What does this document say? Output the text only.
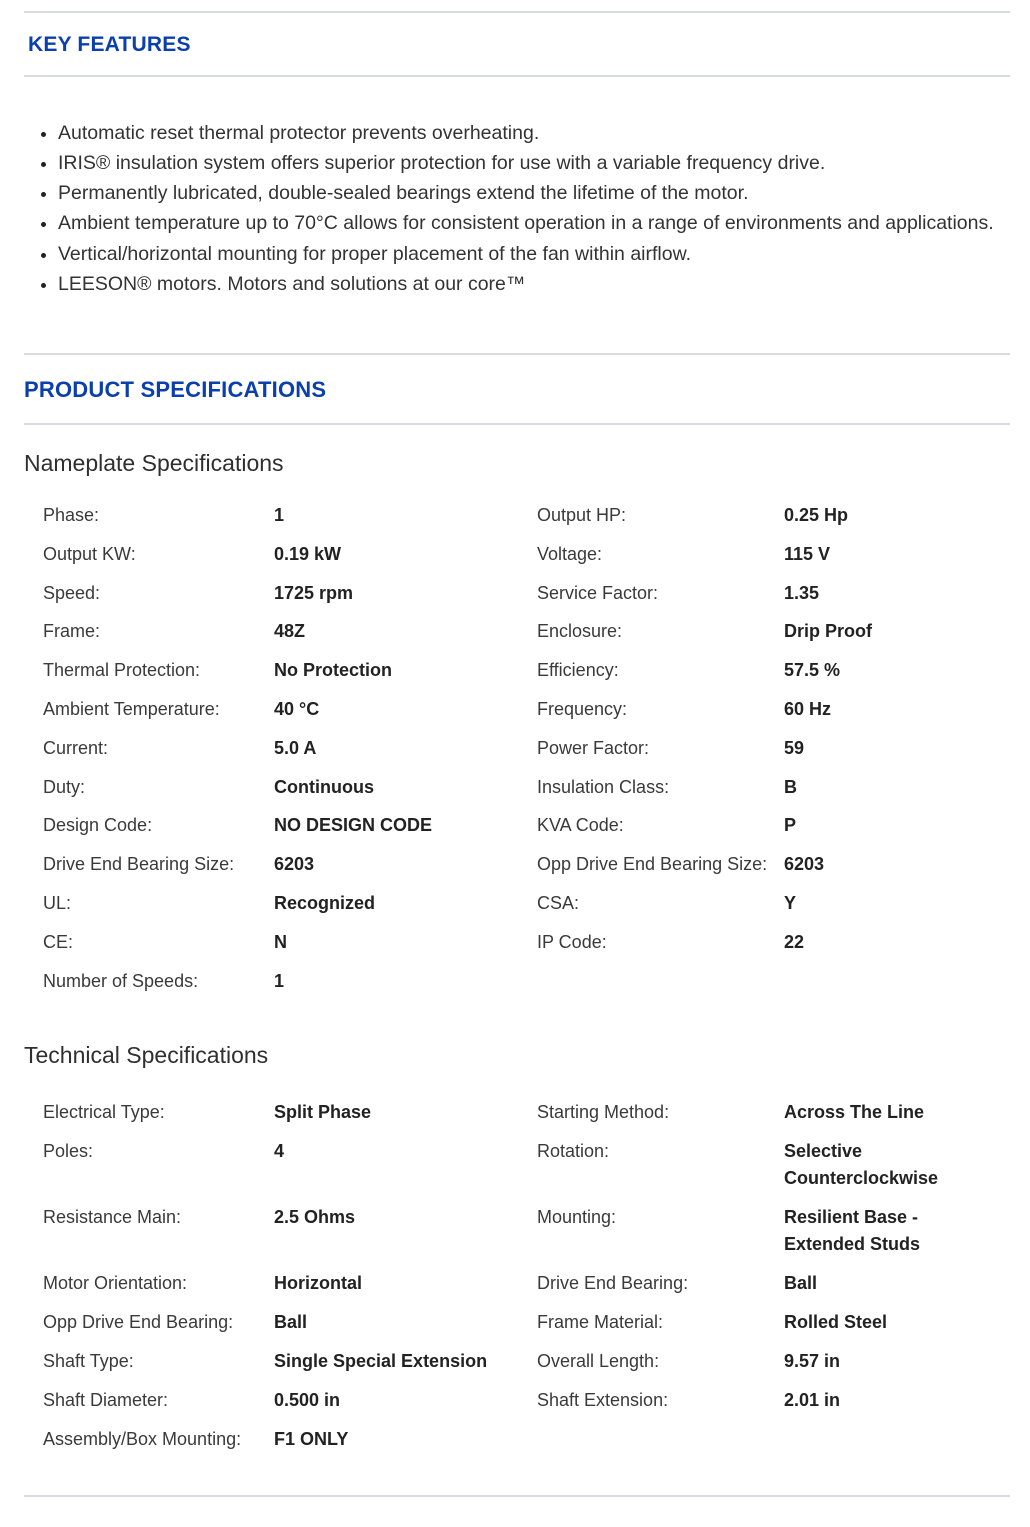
KEY FEATURES
• Automatic reset thermal protector prevents overheating.
• IRIS® insulation system offers superior protection for use with a variable frequency drive.
• Permanently lubricated, double-sealed bearings extend the lifetime of the motor.
• Ambient temperature up to 70°C allows for consistent operation in a range of environments and applications.
• Vertical/horizontal mounting for proper placement of the fan within airflow.
• LEESON® motors. Motors and solutions at our core™
PRODUCT SPECIFICATIONS
Nameplate Specifications
Phase:	1	Output HP:	0.25 Hp
Output KW:	0.19 kW	Voltage:	115 V
Speed:	1725 rpm	Service Factor:	1.35
Frame:	48Z	Enclosure:	Drip Proof
Thermal Protection:	No Protection	Efficiency:	57.5 %
Ambient Temperature:	40 °C	Frequency:	60 Hz
Current:	5.0 A	Power Factor:	59
Duty:	Continuous	Insulation Class:	B
Design Code:	NO DESIGN CODE	KVA Code:	P
Drive End Bearing Size:	6203	Opp Drive End Bearing Size: 6203
UL:	Recognized	CSA:	Y
CE:	N	IP Code:	22
Number of Speeds:	1
Technical Specifications
Electrical Type:	Split Phase	Starting Method:	Across The Line
Poles:	4	Rotation:	Selective Counterclockwise
Resistance Main:	2.5 Ohms	Mounting:	Resilient Base - Extended Studs
Motor Orientation:	Horizontal	Drive End Bearing:	Ball
Opp Drive End Bearing:	Ball	Frame Material:	Rolled Steel
Shaft Type:	Single Special Extension	Overall Length:	9.57 in
Shaft Diameter:	0.500 in	Shaft Extension:	2.01 in
Assembly/Box Mounting:	F1 ONLY
